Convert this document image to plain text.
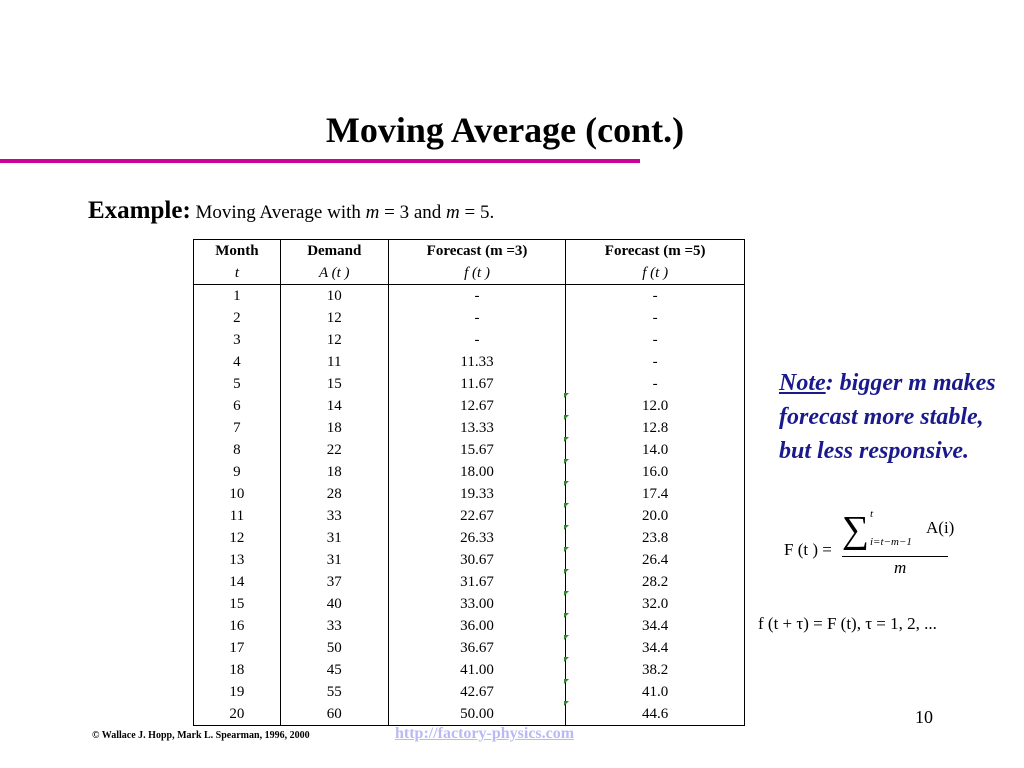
Moving Average (cont.)
Example: Moving Average with m = 3 and m = 5.
Month	Demand	Forecast (m =3)	Forecast (m =5)
t	A (t )	f (t )	f (t )
1	10	-	-
2	12	-	-
3	12	-	-
4	11	11.33	-
5	15	11.67	-
6	14	12.67	12.0

7	18	13.33	12.8

8	22	15.67	14.0

9	18	18.00	16.0

10	28	19.33	17.4

11	33	22.67	20.0

12	31	26.33	23.8

13	31	30.67	26.4

14	37	31.67	28.2

15	40	33.00	32.0

16	33	36.00	34.4

17	50	36.67	34.4

18	45	41.00	38.2

19	55	42.67	41.0

20	60	50.00	44.6
Note: bigger m makes forecast more stable, but less responsive.
F (t ) = ∑ t
i=t−m−1
A(i)
m
f (t + τ) = F (t), τ = 1, 2, ...
10
© Wallace J. Hopp, Mark L. Spearman, 1996, 2000	http://factory-physics.com
